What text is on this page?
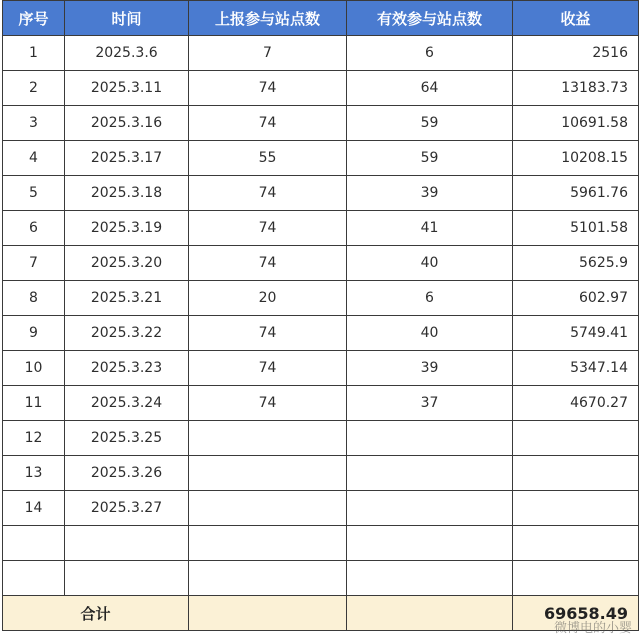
序号	时间	上报参与站点数	有效参与站点数	收益
1	2025.3.6	7	6	2516
2	2025.3.11	74	64	13183.73
3	2025.3.16	74	59	10691.58
4	2025.3.17	55	59	10208.15
5	2025.3.18	74	39	5961.76
6	2025.3.19	74	41	5101.58
7	2025.3.20	74	40	5625.9
8	2025.3.21	20	6	602.97
9	2025.3.22	74	40	5749.41
10	2025.3.23	74	39	5347.14
11	2025.3.24	74	37	4670.27
12	2025.3.25			
13	2025.3.26			
14	2025.3.27			

合计				69658.49
微博电的小婴
